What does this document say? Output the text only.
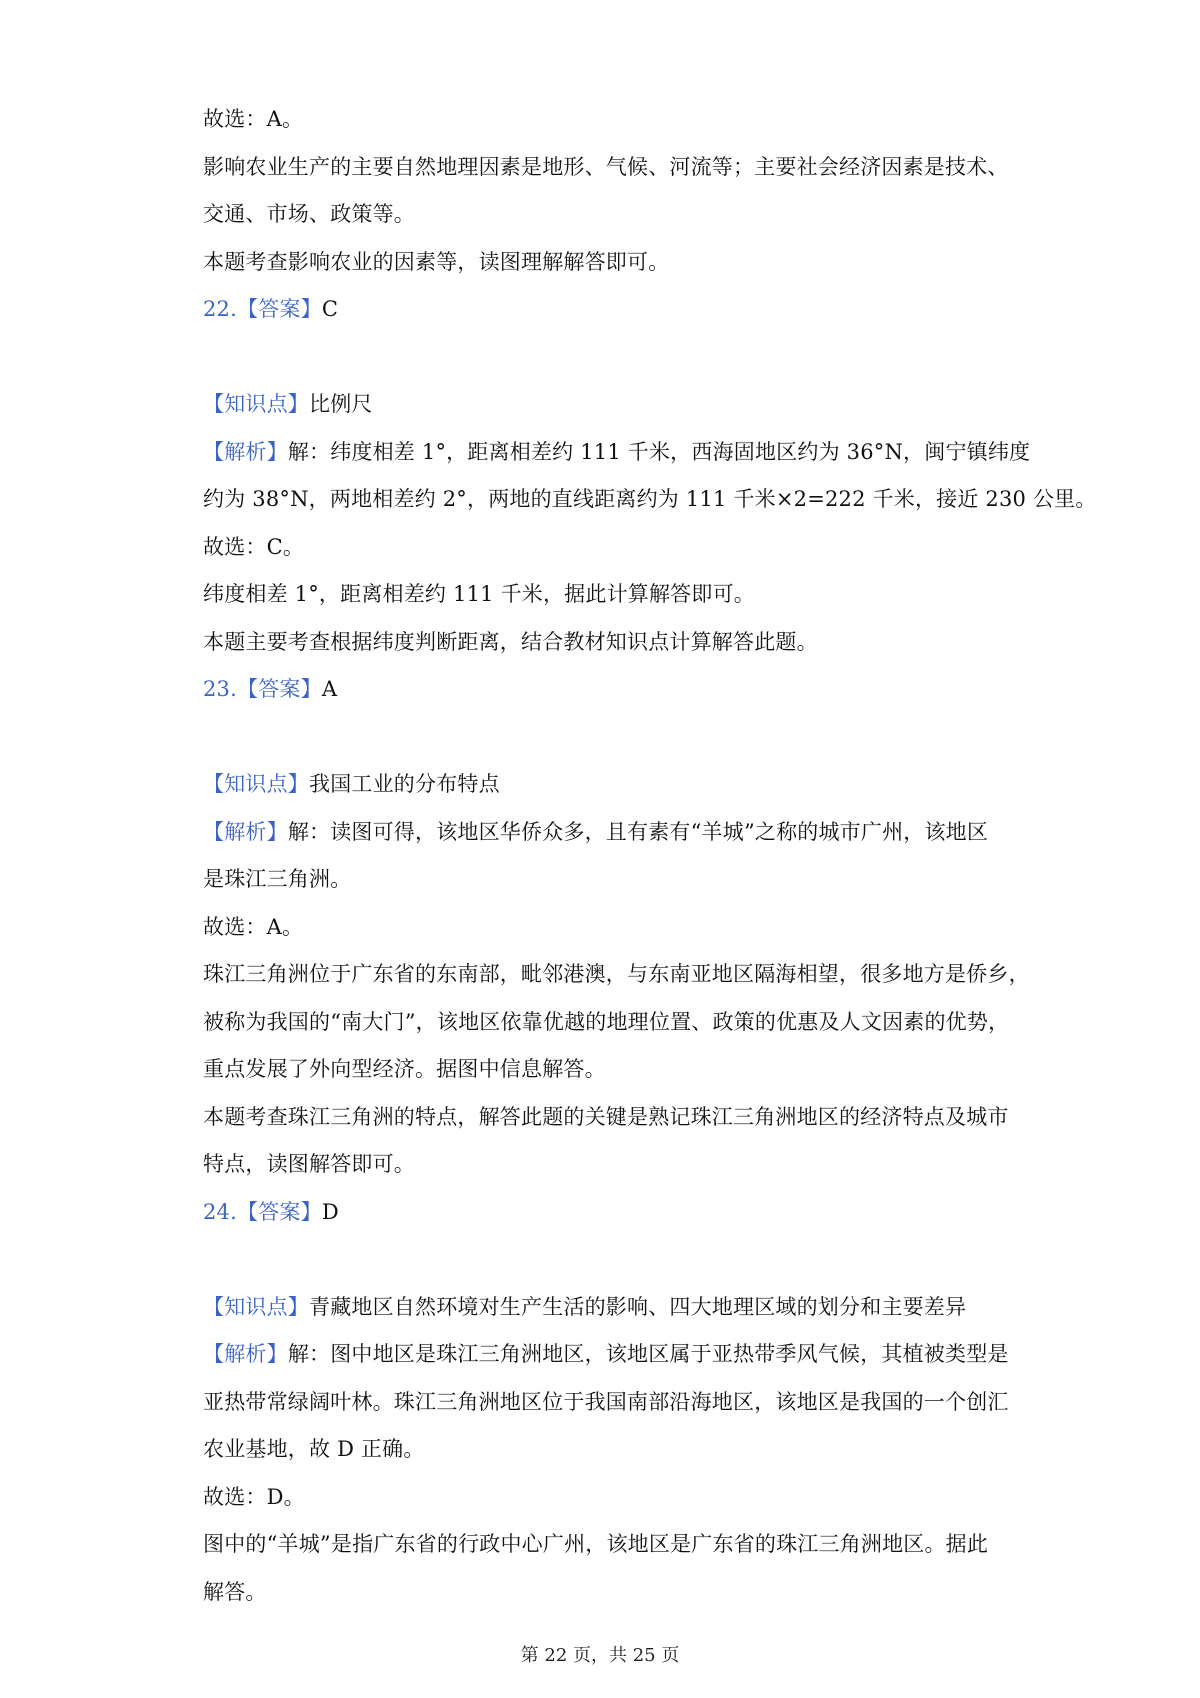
故选：A。
影响农业生产的主要自然地理因素是地形、气候、河流等；主要社会经济因素是技术、
交通、市场、政策等。
本题考查影响农业的因素等，读图理解解答即可。
22.【答案】C
【知识点】比例尺
【解析】解：纬度相差 1°，距离相差约 111 千米，西海固地区约为 36°N，闽宁镇纬度
约为 38°N，两地相差约 2°，两地的直线距离约为 111 千米×2=222 千米，接近 230 公里。
故选：C。
纬度相差 1°，距离相差约 111 千米，据此计算解答即可。
本题主要考查根据纬度判断距离，结合教材知识点计算解答此题。
23.【答案】A
【知识点】我国工业的分布特点
【解析】解：读图可得，该地区华侨众多，且有素有“羊城”之称的城市广州，该地区
是珠江三角洲。
故选：A。
珠江三角洲位于广东省的东南部，毗邻港澳，与东南亚地区隔海相望，很多地方是侨乡，
被称为我国的“南大门”，该地区依靠优越的地理位置、政策的优惠及人文因素的优势，
重点发展了外向型经济。据图中信息解答。
本题考查珠江三角洲的特点，解答此题的关键是熟记珠江三角洲地区的经济特点及城市
特点，读图解答即可。
24.【答案】D
【知识点】青藏地区自然环境对生产生活的影响、四大地理区域的划分和主要差异
【解析】解：图中地区是珠江三角洲地区，该地区属于亚热带季风气候，其植被类型是
亚热带常绿阔叶林。珠江三角洲地区位于我国南部沿海地区，该地区是我国的一个创汇
农业基地，故 D 正确。
故选：D。
图中的“羊城”是指广东省的行政中心广州，该地区是广东省的珠江三角洲地区。据此
解答。
第 22 页，共 25 页
